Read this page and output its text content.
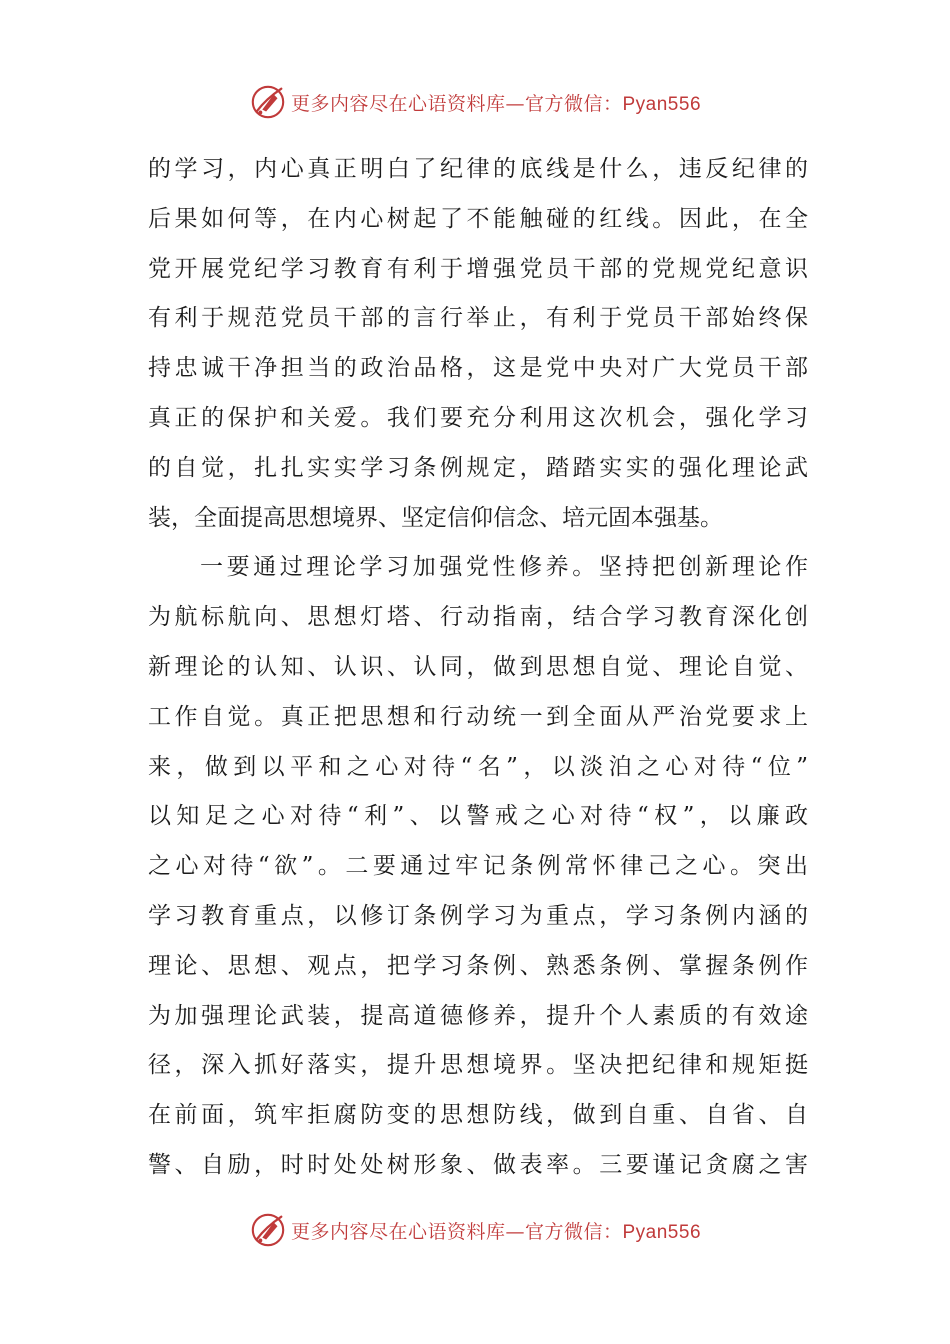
更多内容尽在心语资料库—官方微信：Pyan556
的学习，内心真正明白了纪律的底线是什么，违反纪律的
后果如何等，在内心树起了不能触碰的红线。因此，在全
党开展党纪学习教育有利于增强党员干部的党规党纪意识
有利于规范党员干部的言行举止，有利于党员干部始终保
持忠诚干净担当的政治品格，这是党中央对广大党员干部
真正的保护和关爱。我们要充分利用这次机会，强化学习
的自觉，扎扎实实学习条例规定，踏踏实实的强化理论武
装，全面提高思想境界、坚定信仰信念、培元固本强基。
一要通过理论学习加强党性修养。坚持把创新理论作
为航标航向、思想灯塔、行动指南，结合学习教育深化创
新理论的认知、认识、认同，做到思想自觉、理论自觉、
工作自觉。真正把思想和行动统一到全面从严治党要求上
来，做到以平和之心对待“名”，以淡泊之心对待“位”
以知足之心对待“利”、以警戒之心对待“权”，以廉政
之心对待“欲”。二要通过牢记条例常怀律己之心。突出
学习教育重点，以修订条例学习为重点，学习条例内涵的
理论、思想、观点，把学习条例、熟悉条例、掌握条例作
为加强理论武装，提高道德修养，提升个人素质的有效途
径，深入抓好落实，提升思想境界。坚决把纪律和规矩挺
在前面，筑牢拒腐防变的思想防线，做到自重、自省、自
警、自励，时时处处树形象、做表率。三要谨记贪腐之害
更多内容尽在心语资料库—官方微信：Pyan556
